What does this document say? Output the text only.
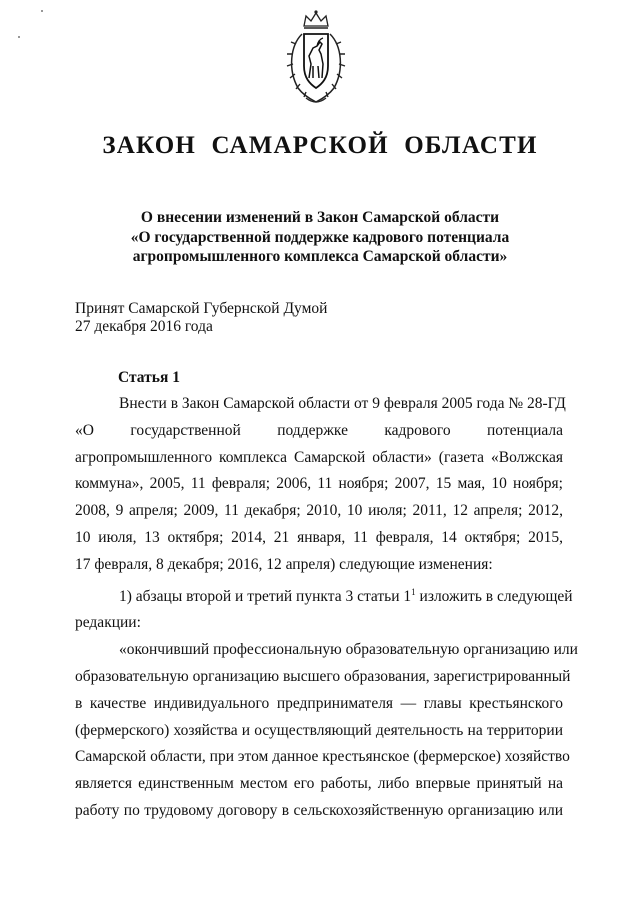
ЗАКОН САМАРСКОЙ ОБЛАСТИ
О внесении изменений в Закон Самарской области
«О государственной поддержке кадрового потенциала
агропромышленного комплекса Самарской области»
Принят Самарской Губернской Думой
27 декабря 2016 года
Статья 1
Внести в Закон Самарской области от 9 февраля 2005 года № 28-ГД
«О государственной поддержке кадрового потенциала
агропромышленного комплекса Самарской области» (газета «Волжская
коммуна», 2005, 11 февраля; 2006, 11 ноября; 2007, 15 мая, 10 ноября;
2008, 9 апреля; 2009, 11 декабря; 2010, 10 июля; 2011, 12 апреля; 2012,
10 июля, 13 октября; 2014, 21 января, 11 февраля, 14 октября; 2015,
17 февраля, 8 декабря; 2016, 12 апреля) следующие изменения:
1) абзацы второй и третий пункта 3 статьи $1^1$ изложить в следующей
редакции:
«окончивший профессиональную образовательную организацию или
образовательную организацию высшего образования, зарегистрированный
в качестве индивидуального предпринимателя — главы крестьянского
(фермерского) хозяйства и осуществляющий деятельность на территории
Самарской области, при этом данное крестьянское (фермерское) хозяйство
является единственным местом его работы, либо впервые принятый на
работу по трудовому договору в сельскохозяйственную организацию или
